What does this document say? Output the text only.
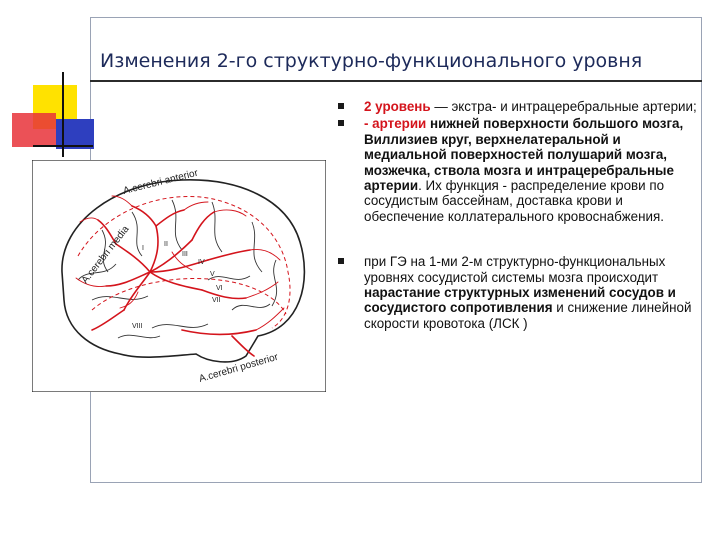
Изменения 2-го структурно-функционального уровня
A.cerebri anterior
A.cerebri media
A.cerebri posterior
I
II
III
IV
V
VI
VII
VIII
2 уровень — экстра- и интрацеребральные артерии;
- артерии нижней поверхности большого мозга, Виллизиев круг, верхнелатеральной и медиальной поверхностей полушарий мозга, мозжечка, ствола мозга и интрацеребральные артерии. Их функция - распределение крови по сосудистым бассейнам, доставка крови и обеспечение коллатерального кровоснабжения.
при ГЭ на 1-ми 2-м структурно-функциональных уровнях сосудистой системы мозга происходит нарастание структурных изменений сосудов и сосудистого сопротивления и снижение линейной скорости кровотока (ЛСК )
